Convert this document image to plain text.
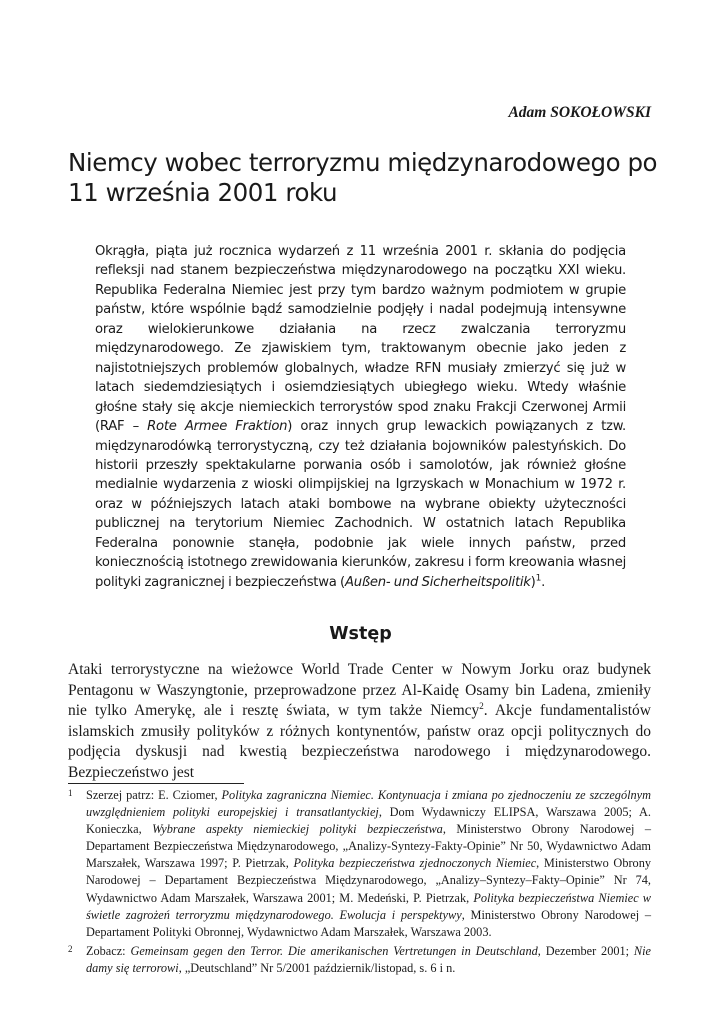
Adam SOKOŁOWSKI
Niemcy wobec terroryzmu międzynarodowego po 11 września 2001 roku

Okrągła, piąta już rocznica wydarzeń z 11 września 2001 r. skłania do podjęcia refleksji nad stanem bezpieczeństwa międzynarodowego na początku XXI wieku. Republika Federalna Niemiec jest przy tym bardzo ważnym podmiotem w grupie państw, które wspólnie bądź samodzielnie podjęły i nadal podejmują intensywne oraz wielokierunkowe działania na rzecz zwalczania terroryzmu międzynarodowego. Ze zjawiskiem tym, traktowanym obecnie jako jeden z najistotniejszych problemów globalnych, władze RFN musiały zmierzyć się już w latach siedemdziesiątych i osiemdziesiątych ubiegłego wieku. Wtedy właśnie głośne stały się akcje niemieckich terrorystów spod znaku Frakcji Czerwonej Armii (RAF – Rote Armee Fraktion) oraz innych grup lewackich powiązanych z tzw. międzynarodówką terrorystyczną, czy też działania bojowników palestyńskich. Do historii przeszły spektakularne porwania osób i samolotów, jak również głośne medialnie wydarzenia z wioski olimpijskiej na Igrzyskach w Monachium w 1972 r. oraz w późniejszych latach ataki bombowe na wybrane obiekty użyteczności publicznej na terytorium Niemiec Zachodnich. W ostatnich latach Republika Federalna ponownie stanęła, podobnie jak wiele innych państw, przed koniecznością istotnego zrewidowania kierunków, zakresu i form kreowania własnej polityki zagranicznej i bezpieczeństwa (Außen- und Sicherheitspolitik)$^1$.

Wstęp

Ataki terrorystyczne na wieżowce World Trade Center w Nowym Jorku oraz budynek Pentagonu w Waszyngtonie, przeprowadzone przez Al-Kaidę Osamy bin Ladena, zmieniły nie tylko Amerykę, ale i resztę świata, w tym także Niemcy$^2$. Akcje fundamentalistów islamskich zmusiły polityków z różnych kontynentów, państw oraz opcji politycznych do podjęcia dyskusji nad kwestią bezpieczeństwa narodowego i międzynarodowego. Bezpieczeństwo jest

1 Szerzej patrz: E. Cziomer, Polityka zagraniczna Niemiec. Kontynuacja i zmiana po zjednoczeniu ze szczególnym uwzględnieniem polityki europejskiej i transatlantyckiej, Dom Wydawniczy ELIPSA, Warszawa 2005; A. Konieczka, Wybrane aspekty niemieckiej polityki bezpieczeństwa, Ministerstwo Obrony Narodowej – Departament Bezpieczeństwa Międzynarodowego, „Analizy-Syntezy-Fakty-Opinie” Nr 50, Wydawnictwo Adam Marszałek, Warszawa 1997; P. Pietrzak, Polityka bezpieczeństwa zjednoczonych Niemiec, Ministerstwo Obrony Narodowej – Departament Bezpieczeństwa Międzynarodowego, „Analizy–Syntezy–Fakty–Opinie” Nr 74, Wydawnictwo Adam Marszałek, Warszawa 2001; M. Medeński, P. Pietrzak, Polityka bezpieczeństwa Niemiec w świetle zagrożeń terroryzmu międzynarodowego. Ewolucja i perspektywy, Ministerstwo Obrony Narodowej – Departament Polityki Obronnej, Wydawnictwo Adam Marszałek, Warszawa 2003.

2 Zobacz: Gemeinsam gegen den Terror. Die amerikanischen Vertretungen in Deutschland, Dezember 2001; Nie damy się terrorowi, „Deutschland” Nr 5/2001 październik/listopad, s. 6 i n.
